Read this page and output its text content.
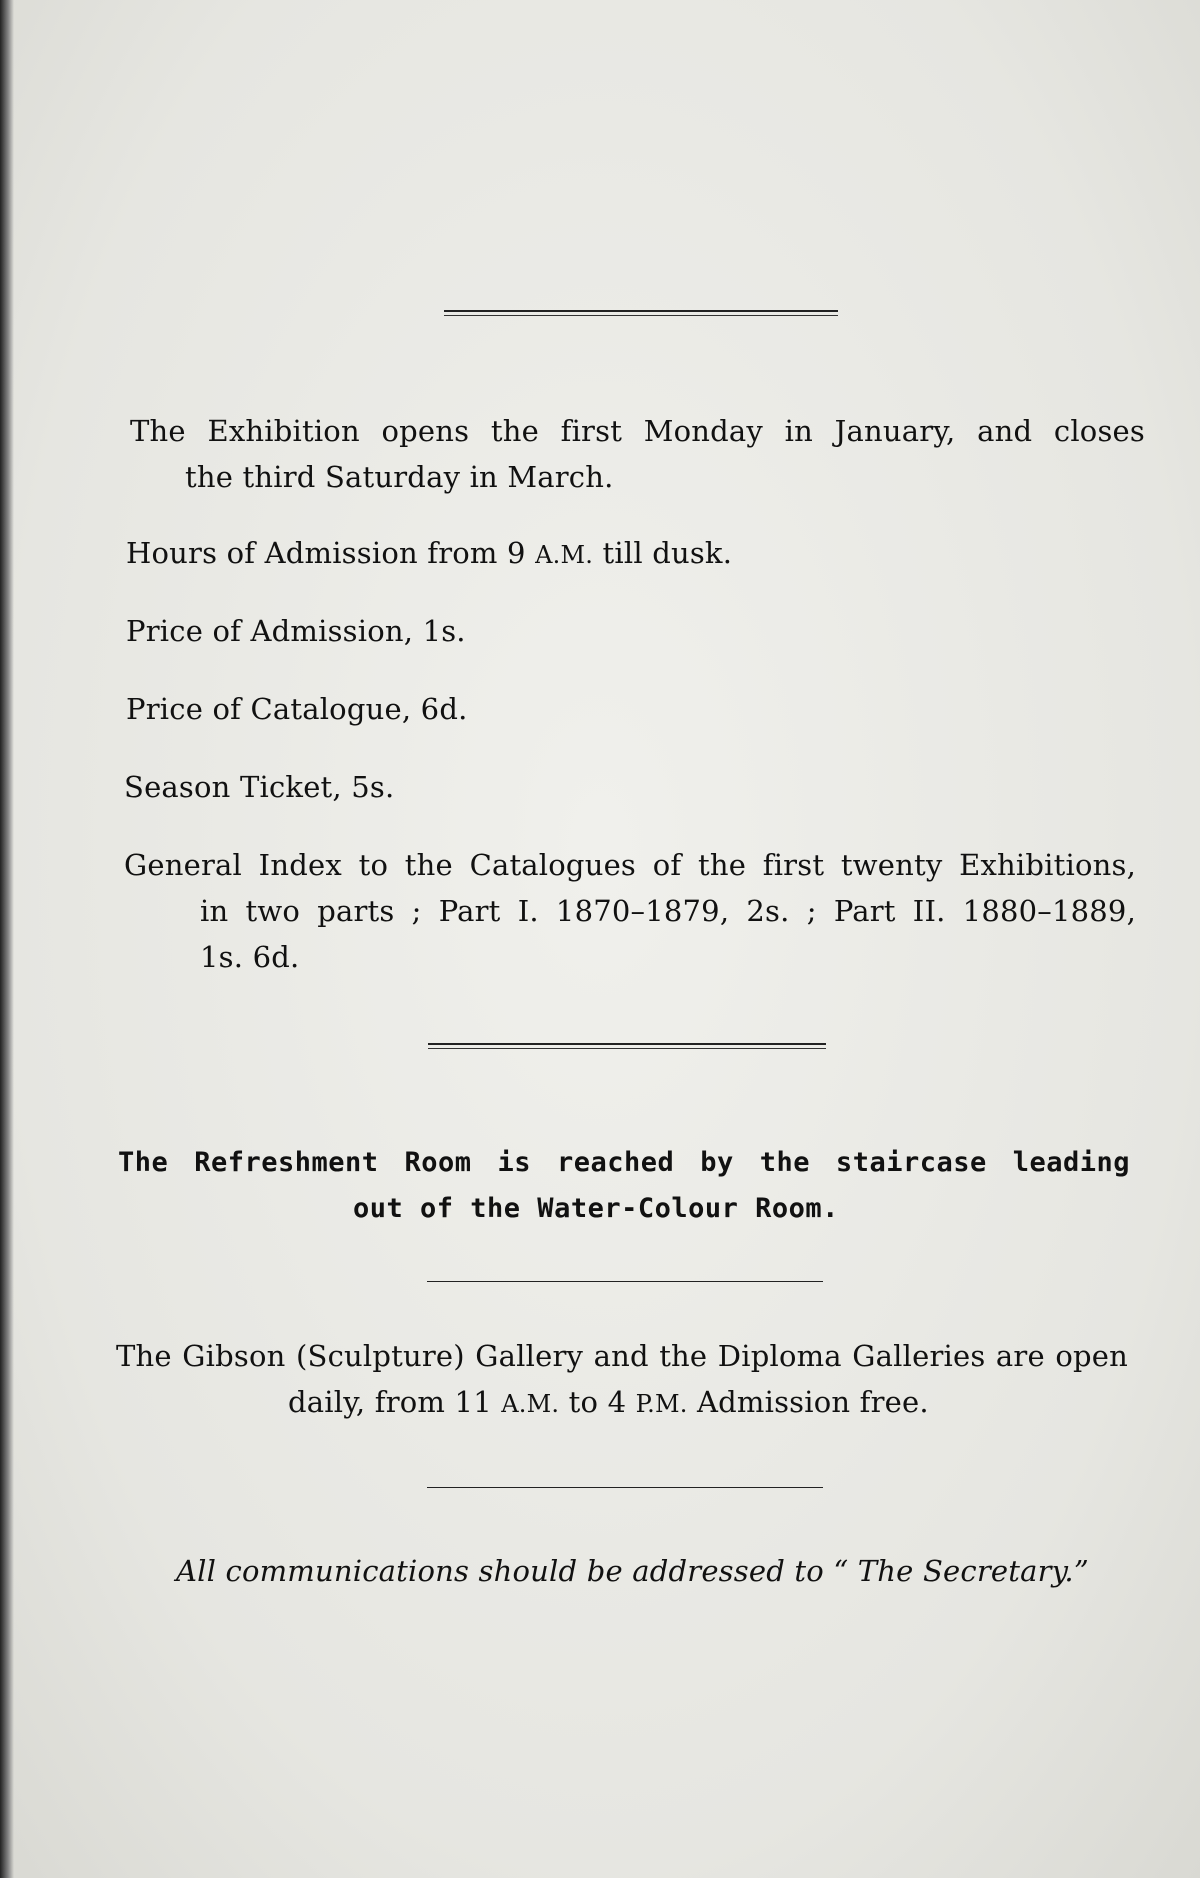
The Exhibition opens the first Monday in January, and closes
the third Saturday in March.
Hours of Admission from 9 A.M. till dusk.
Price of Admission, 1s.
Price of Catalogue, 6d.
Season Ticket, 5s.
General Index to the Catalogues of the first twenty Exhibitions,
in two parts ; Part I. 1870–1879, 2s. ; Part II. 1880–1889,
1s. 6d.
The Refreshment Room is reached by the staircase leading
out of the Water-Colour Room.
The Gibson (Sculpture) Gallery and the Diploma Galleries are open
daily, from 11 A.M. to 4 P.M. Admission free.
All communications should be addressed to “ The Secretary.”
